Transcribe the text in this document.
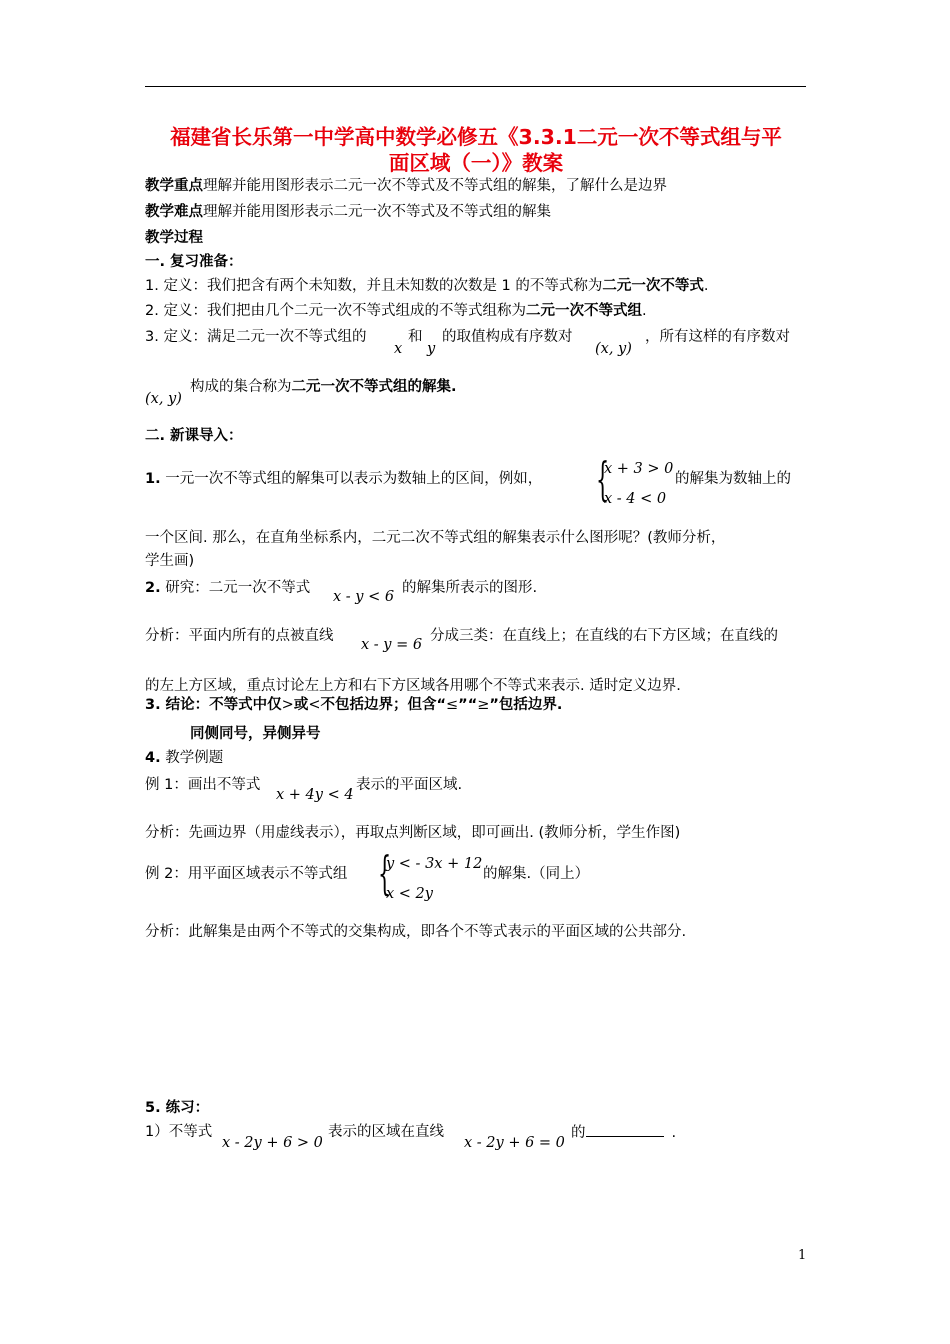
福建省长乐第一中学高中数学必修五《3.3.1二元一次不等式组与平
面区域（一）》教案
教学重点理解并能用图形表示二元一次不等式及不等式组的解集，了解什么是边界
教学难点理解并能用图形表示二元一次不等式及不等式组的解集
教学过程
一. 复习准备：
1. 定义：我们把含有两个未知数，并且未知数的次数是 1 的不等式称为二元一次不等式.
2. 定义：我们把由几个二元一次不等式组成的不等式组称为二元一次不等式组.
3. 定义：满足二元一次不等式组的
x
和
y
的取值构成有序数对
(x, y)
，所有这样的有序数对
(x, y)
构成的集合称为二元一次不等式组的解集.
二. 新课导入：
1. 一元一次不等式组的解集可以表示为数轴上的区间，例如， {
x + 3 > 0
x - 4 < 0
的解集为数轴上的
一个区间. 那么，在直角坐标系内，二元二次不等式组的解集表示什么图形呢？(教师分析，
学生画)
2. 研究：二元一次不等式
x - y < 6
的解集所表示的图形.
分析：平面内所有的点被直线
x - y = 6
分成三类：在直线上；在直线的右下方区域；在直线的
的左上方区域，重点讨论左上方和右下方区域各用哪个不等式来表示. 适时定义边界.
3. 结论：不等式中仅>或<不包括边界；但含“≤”“≥”包括边界.
同侧同号，异侧异号
4. 教学例题
例 1：画出不等式
x + 4y < 4
表示的平面区域.
分析：先画边界（用虚线表示），再取点判断区域，即可画出. (教师分析，学生作图)
例 2：用平面区域表示不等式组 {
y < - 3x + 12
x < 2y
的解集.（同上）
分析：此解集是由两个不等式的交集构成，即各个不等式表示的平面区域的公共部分.
5. 练习：
1）不等式
x - 2y + 6 > 0
表示的区域在直线
x - 2y + 6 = 0
的	.
1
